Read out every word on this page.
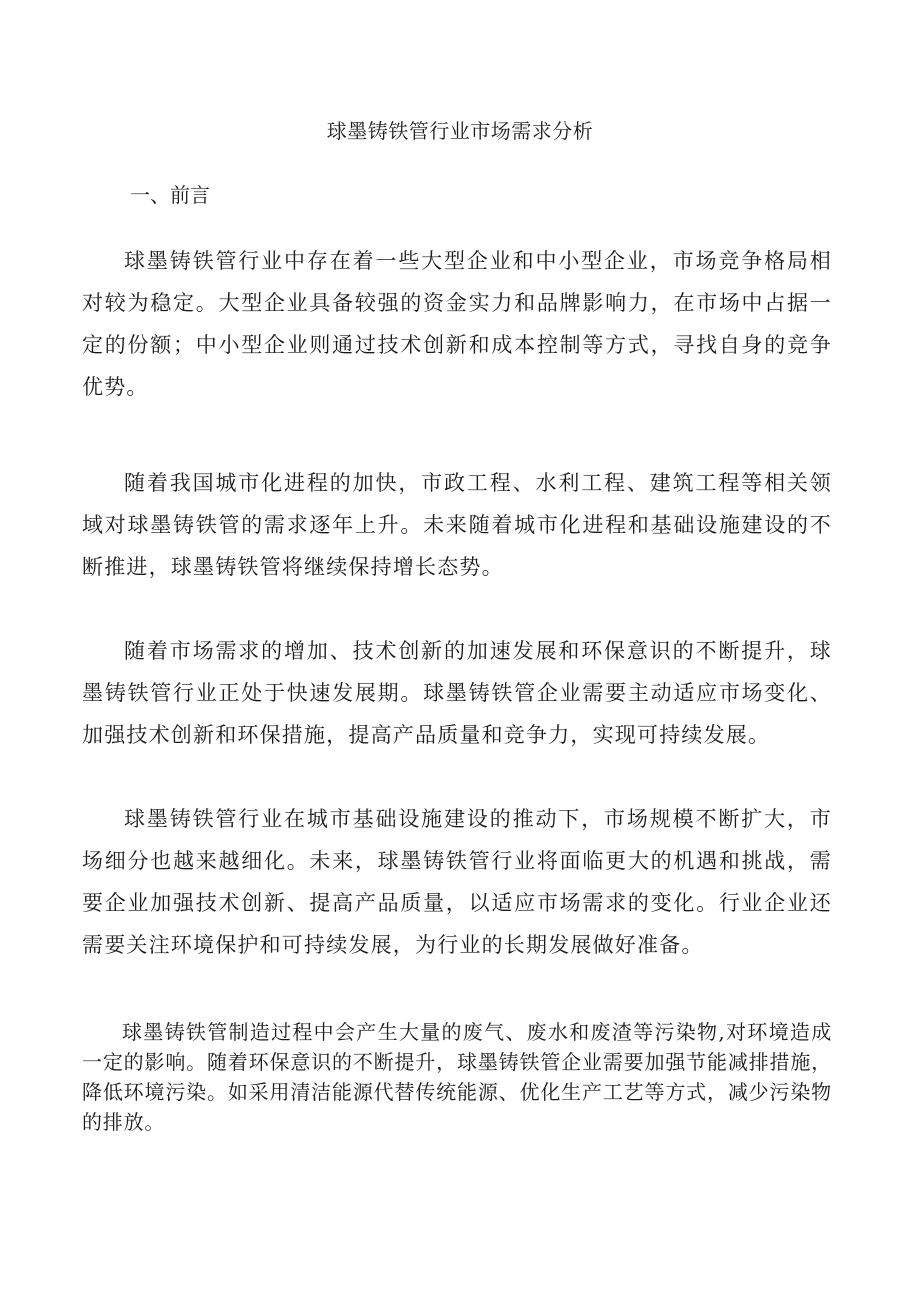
球墨铸铁管行业市场需求分析
一、前言

球墨铸铁管行业中存在着一些大型企业和中小型企业，市场竞争格局相对较为稳定。大型企业具备较强的资金实力和品牌影响力，在市场中占据一定的份额；中小型企业则通过技术创新和成本控制等方式，寻找自身的竞争优势。

随着我国城市化进程的加快，市政工程、水利工程、建筑工程等相关领域对球墨铸铁管的需求逐年上升。未来随着城市化进程和基础设施建设的不断推进，球墨铸铁管将继续保持增长态势。

随着市场需求的增加、技术创新的加速发展和环保意识的不断提升，球墨铸铁管行业正处于快速发展期。球墨铸铁管企业需要主动适应市场变化、加强技术创新和环保措施，提高产品质量和竞争力，实现可持续发展。

球墨铸铁管行业在城市基础设施建设的推动下，市场规模不断扩大，市场细分也越来越细化。未来，球墨铸铁管行业将面临更大的机遇和挑战，需要企业加强技术创新、提高产品质量，以适应市场需求的变化。行业企业还需要关注环境保护和可持续发展，为行业的长期发展做好准备。

球墨铸铁管制造过程中会产生大量的废气、废水和废渣等污染物,对环境造成一定的影响。随着环保意识的不断提升，球墨铸铁管企业需要加强节能减排措施，降低环境污染。如采用清洁能源代替传统能源、优化生产工艺等方式，减少污染物的排放。
